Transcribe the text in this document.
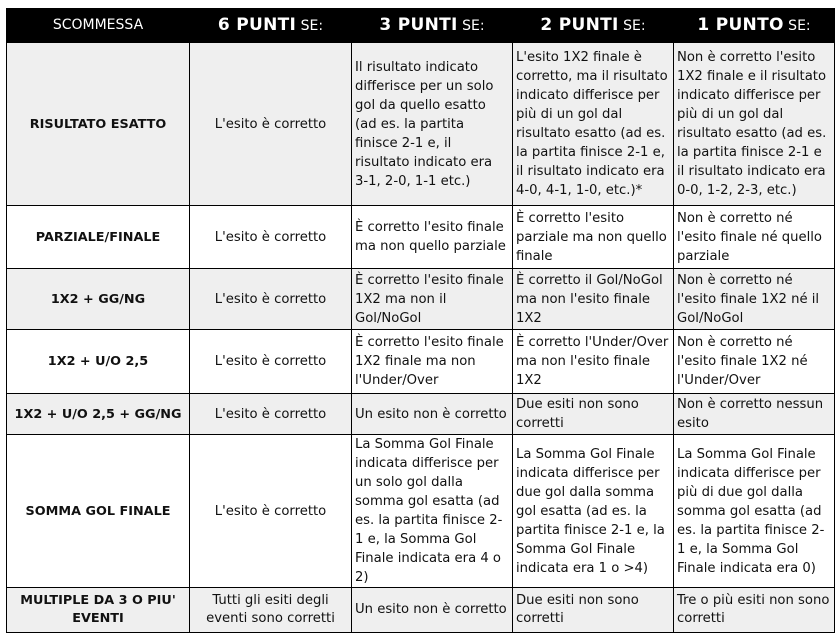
SCOMMESSA	6 PUNTI SE:	3 PUNTI SE:	2 PUNTI SE:	1 PUNTO SE:
RISULTATO ESATTO	L'esito è corretto	Il risultato indicato differisce per un solo gol da quello esatto (ad es. la partita finisce 2-1 e, il risultato indicato era 3-1, 2-0, 1-1 etc.)	L'esito 1X2 finale è corretto, ma il risultato indicato differisce per più di un gol dal risultato esatto (ad es. la partita finisce 2-1 e, il risultato indicato era 4-0, 4-1, 1-0, etc.)*	Non è corretto l'esito 1X2 finale e il risultato indicato differisce per più di un gol dal risultato esatto (ad es. la partita finisce 2-1 e il risultato indicato era 0-0, 1-2, 2-3, etc.)
PARZIALE/FINALE	L'esito è corretto	È corretto l'esito finale ma non quello parziale	È corretto l'esito parziale ma non quello finale	Non è corretto né l'esito finale né quello parziale
1X2 + GG/NG	L'esito è corretto	È corretto l'esito finale 1X2 ma non il Gol/NoGol	È corretto il Gol/NoGol ma non l'esito finale 1X2	Non è corretto né l'esito finale 1X2 né il Gol/NoGol
1X2 + U/O 2,5	L'esito è corretto	È corretto l'esito finale 1X2 finale ma non l'Under/Over	È corretto l'Under/Over ma non l'esito finale 1X2	Non è corretto né l'esito finale 1X2 né l'Under/Over
1X2 + U/O 2,5 + GG/NG	L'esito è corretto	Un esito non è corretto	Due esiti non sono corretti	Non è corretto nessun esito
SOMMA GOL FINALE	L'esito è corretto	La Somma Gol Finale indicata differisce per un solo gol dalla somma gol esatta (ad es. la partita finisce 2-1 e, la Somma Gol Finale indicata era 4 o 2)	La Somma Gol Finale indicata differisce per due gol dalla somma gol esatta (ad es. la partita finisce 2-1 e, la Somma Gol Finale indicata era 1 o >4)	La Somma Gol Finale indicata differisce per più di due gol dalla somma gol esatta (ad es. la partita finisce 2-1 e, la Somma Gol Finale indicata era 0)
MULTIPLE DA 3 O PIU' EVENTI	Tutti gli esiti degli eventi sono corretti	Un esito non è corretto	Due esiti non sono corretti	Tre o più esiti non sono corretti
